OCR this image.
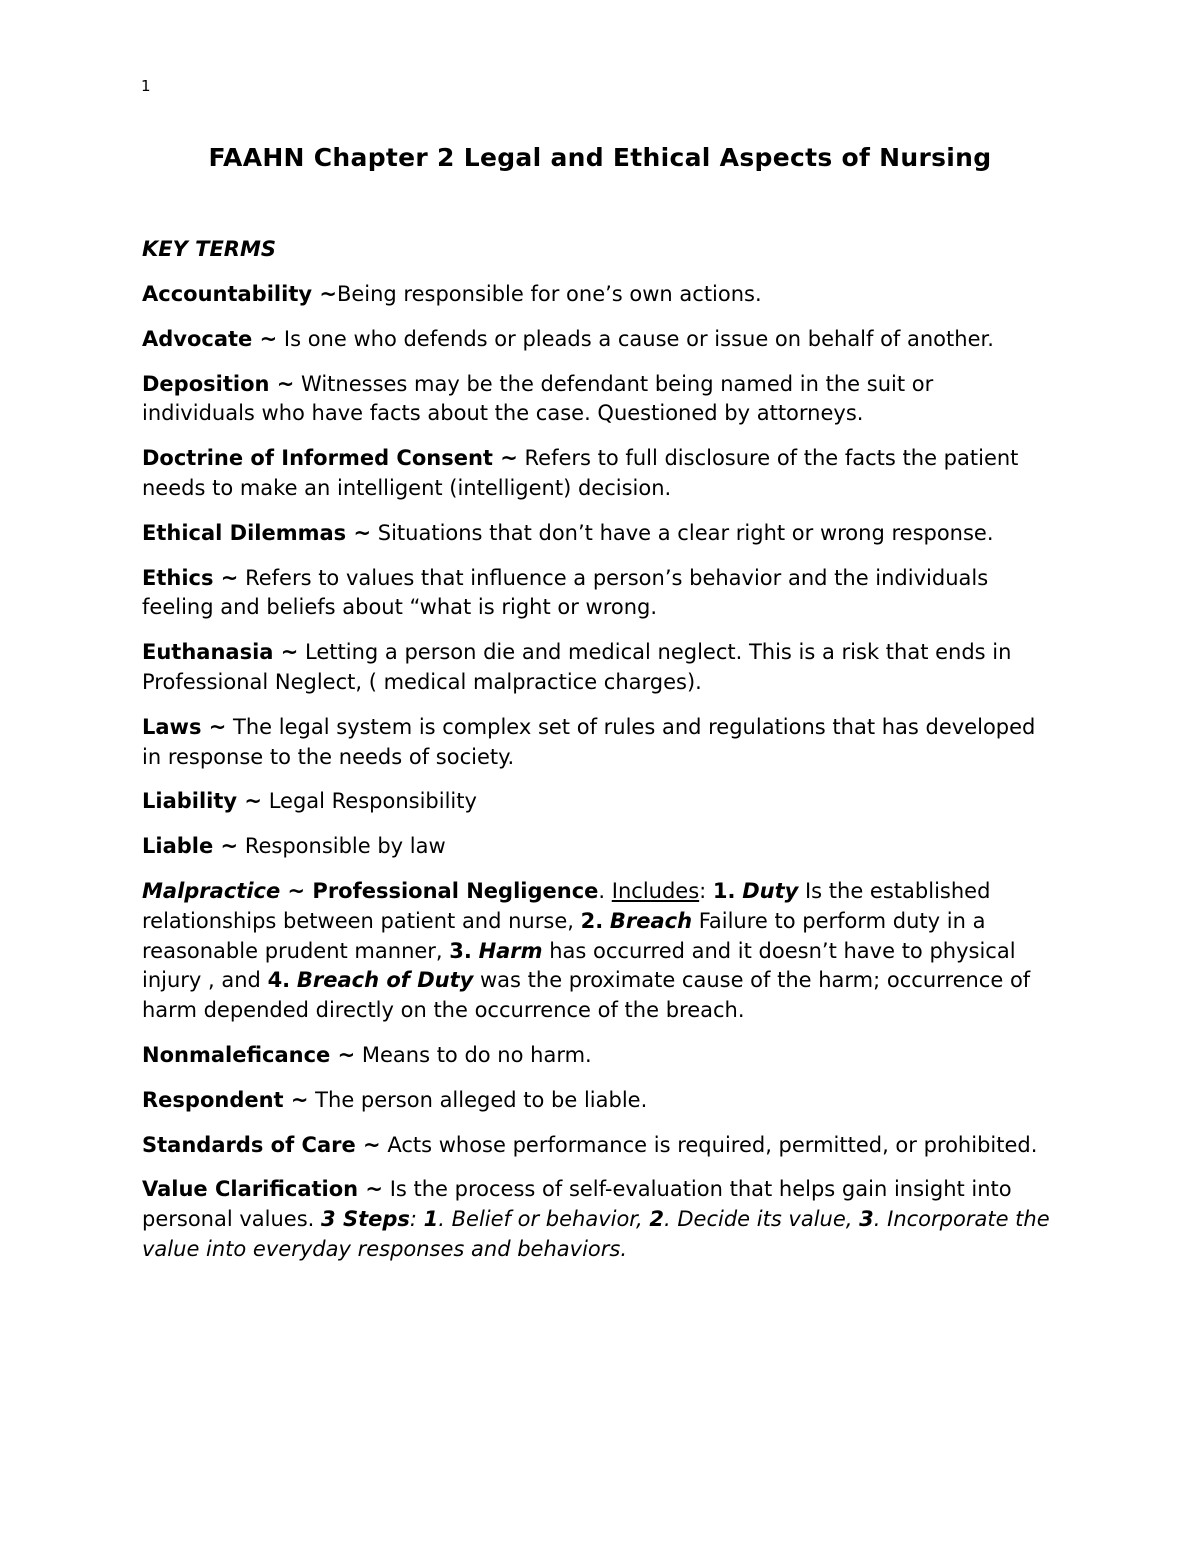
1
FAAHN Chapter 2 Legal and Ethical Aspects of Nursing
KEY TERMS

Accountability ~Being responsible for one’s own actions.

Advocate ~ Is one who defends or pleads a cause or issue on behalf of another.

Deposition ~ Witnesses may be the defendant being named in the suit or individuals who have facts about the case. Questioned by attorneys.

Doctrine of Informed Consent ~ Refers to full disclosure of the facts the patient needs to make an intelligent (intelligent) decision.

Ethical Dilemmas ~ Situations that don’t have a clear right or wrong response.

Ethics ~ Refers to values that influence a person’s behavior and the individuals feeling and beliefs about “what is right or wrong.

Euthanasia ~ Letting a person die and medical neglect. This is a risk that ends in Professional Neglect, ( medical malpractice charges).

Laws ~ The legal system is complex set of rules and regulations that has developed in response to the needs of society.

Liability ~ Legal Responsibility

Liable ~ Responsible by law

Malpractice ~ Professional Negligence. Includes: 1. Duty Is the established relationships between patient and nurse, 2. Breach Failure to perform duty in a reasonable prudent manner, 3. Harm has occurred and it doesn’t have to physical injury , and 4. Breach of Duty was the proximate cause of the harm; occurrence of harm depended directly on the occurrence of the breach.

Nonmaleficance ~ Means to do no harm.

Respondent ~ The person alleged to be liable.

Standards of Care ~ Acts whose performance is required, permitted, or prohibited.

Value Clarification ~ Is the process of self-evaluation that helps gain insight into personal values. 3 Steps: 1. Belief or behavior, 2. Decide its value, 3. Incorporate the value into everyday responses and behaviors.
